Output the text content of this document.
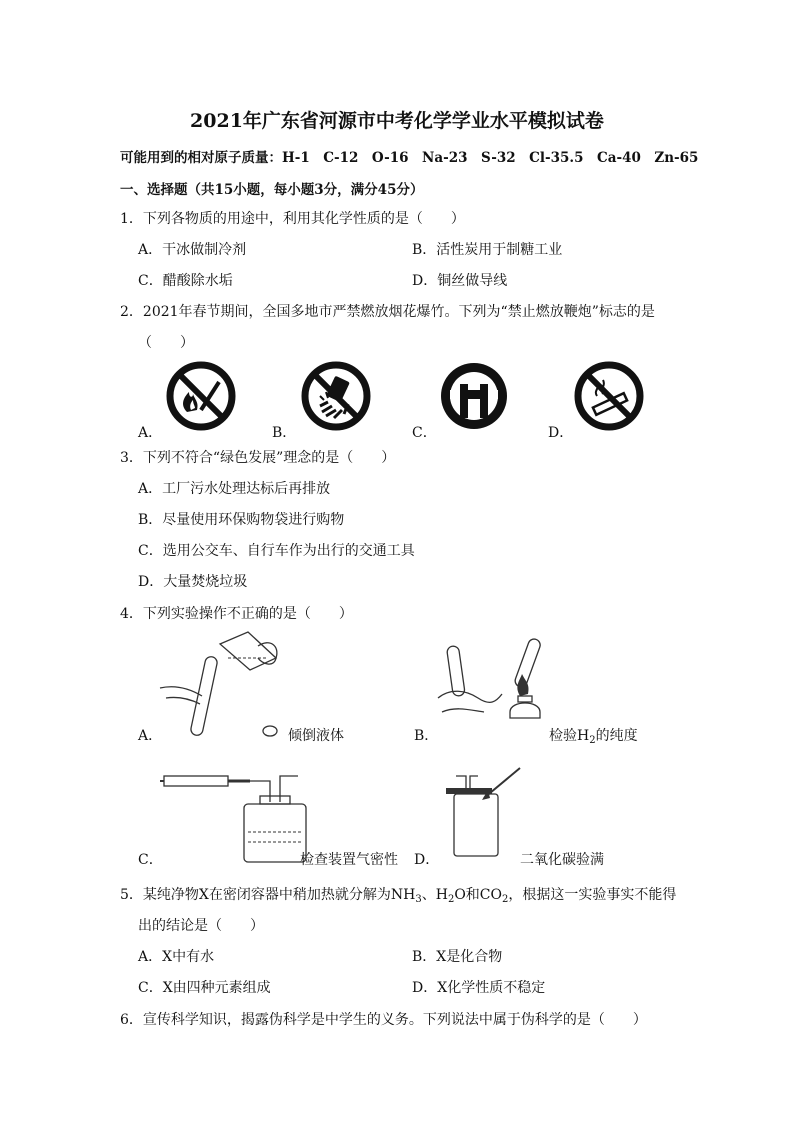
2021年广东省河源市中考化学学业水平模拟试卷
可能用到的相对原子质量：H-1　C-12　O-16　Na-23　S-32　Cl-35.5　Ca-40　Zn-65
一、选择题（共15小题，每小题3分，满分45分）
1．下列各物质的用途中，利用其化学性质的是（　　）
A．干冰做制冷剂	B．活性炭用于制糖工业
C．醋酸除水垢	D．铜丝做导线
2．2021年春节期间，全国多地市严禁燃放烟花爆竹。下列为“禁止燃放鞭炮”标志的是
（　　）
A．	B．	C．	D．
3．下列不符合“绿色发展”理念的是（　　）
A．工厂污水处理达标后再排放
B．尽量使用环保购物袋进行购物
C．选用公交车、自行车作为出行的交通工具
D．大量焚烧垃圾
4．下列实验操作不正确的是（　　）
A．	倾倒液体	B．	检验$H_2$的纯度
C．	检查装置气密性 D．	二氧化碳验满
5．某纯净物X在密闭容器中稍加热就分解为$NH_3$、$H_2O$和$CO_2$，根据这一实验事实不能得
出的结论是（　　）
A．X中有水	B．X是化合物
C．X由四种元素组成	D．X化学性质不稳定
6．宣传科学知识，揭露伪科学是中学生的义务。下列说法中属于伪科学的是（　　）
